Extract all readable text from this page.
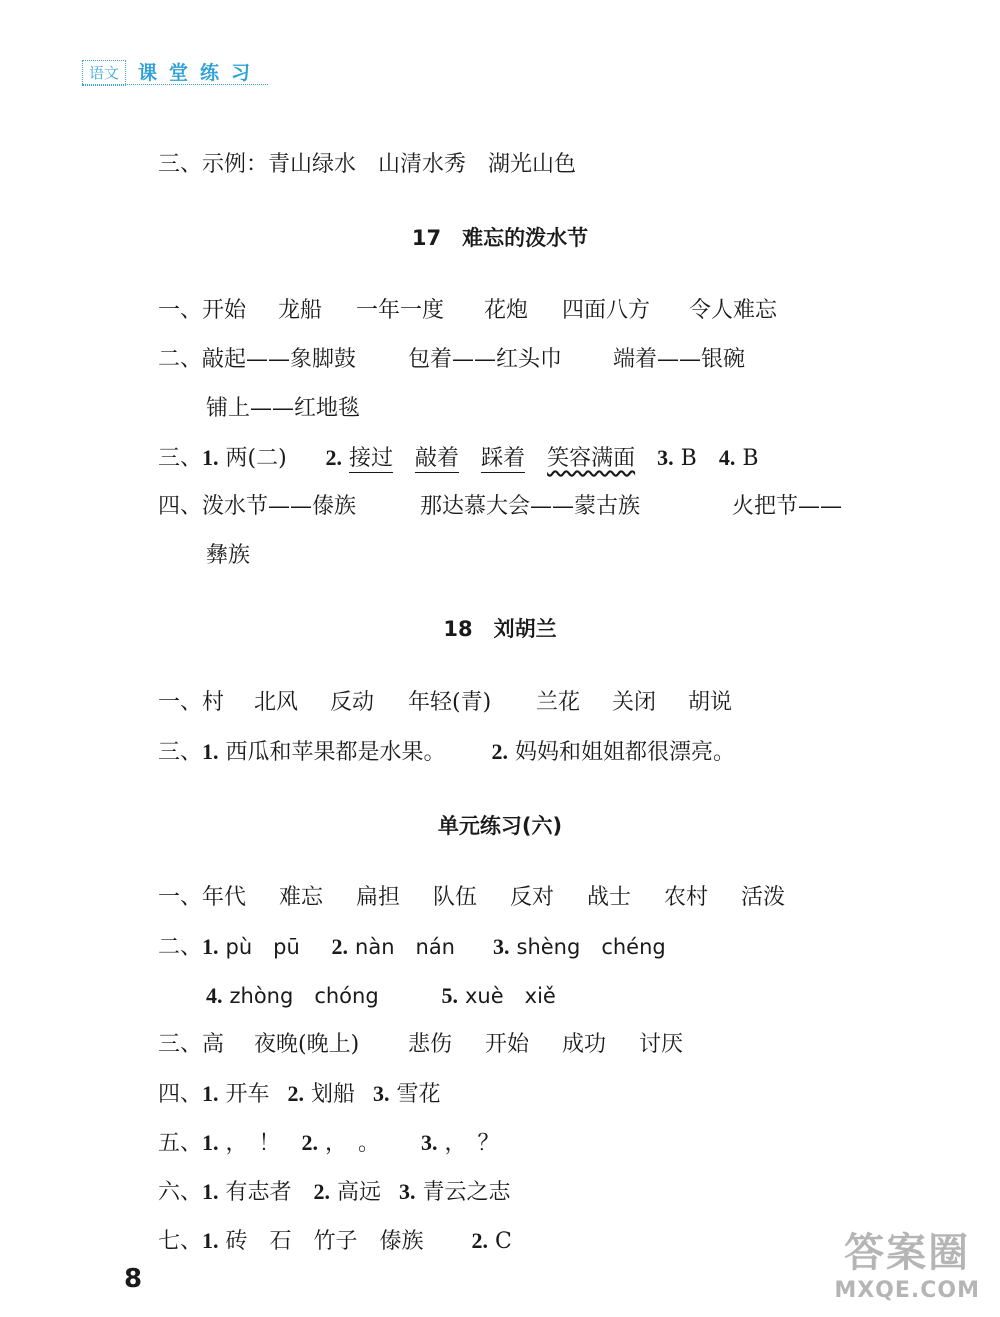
语文	课堂练习
三、示例：青山绿水　山清水秀　湖光山色
17　难忘的泼水节
一、开始 龙船 一年一度 花炮 四面八方 令人难忘
二、敲起——象脚鼓 包着——红头巾 端着——银碗
铺上——红地毯
三、1. 两(二) 2. 接过　 敲着　 踩着　 笑容满面　 3. B　 4. B
四、泼水节——傣族	那达慕大会——蒙古族	火把节——
彝族
18　刘胡兰
一、村 北风 反动 年轻(青) 兰花 关闭 胡说
三、1. 西瓜和苹果都是水果。 2. 妈妈和姐姐都很漂亮。
单元练习(六)
一、年代 难忘 扁担 队伍 反对 战士 农村 活泼
二、1. pù　pū 2. nàn　nán 3. shèng　chéng
4. zhòng　chóng	5. xuè　xiě
三、高 夜晚(晚上) 悲伤 开始 成功 讨厌
四、1. 开车 2. 划船 3. 雪花
五、1. ，　！ 2. ，　。 3. ，　？
六、1. 有志者 2. 高远 3. 青云之志
七、1. 砖　石　竹子　傣族 2. C
8
答案圈
MXQE.COM
